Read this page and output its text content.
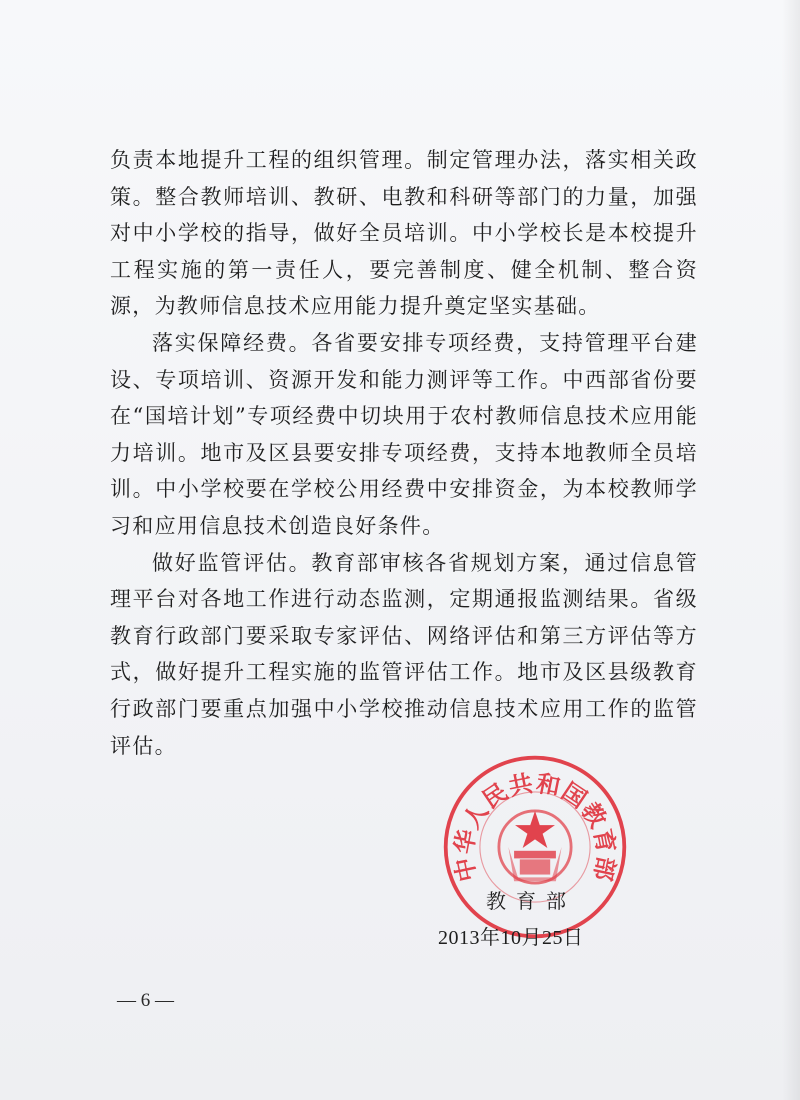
负责本地提升工程的组织管理。制定管理办法，落实相关政策。整合教师培训、教研、电教和科研等部门的力量，加强对中小学校的指导，做好全员培训。中小学校长是本校提升工程实施的第一责任人，要完善制度、健全机制、整合资源，为教师信息技术应用能力提升奠定坚实基础。

落实保障经费。各省要安排专项经费，支持管理平台建设、专项培训、资源开发和能力测评等工作。中西部省份要在“国培计划”专项经费中切块用于农村教师信息技术应用能力培训。地市及区县要安排专项经费，支持本地教师全员培训。中小学校要在学校公用经费中安排资金，为本校教师学习和应用信息技术创造良好条件。

做好监管评估。教育部审核各省规划方案，通过信息管理平台对各地工作进行动态监测，定期通报监测结果。省级教育行政部门要采取专家评估、网络评估和第三方评估等方式，做好提升工程实施的监管评估工作。地市及区县级教育行政部门要重点加强中小学校推动信息技术应用工作的监管评估。

中华人民共和国教育部
教育部
2013年10月25日
— 6 —
